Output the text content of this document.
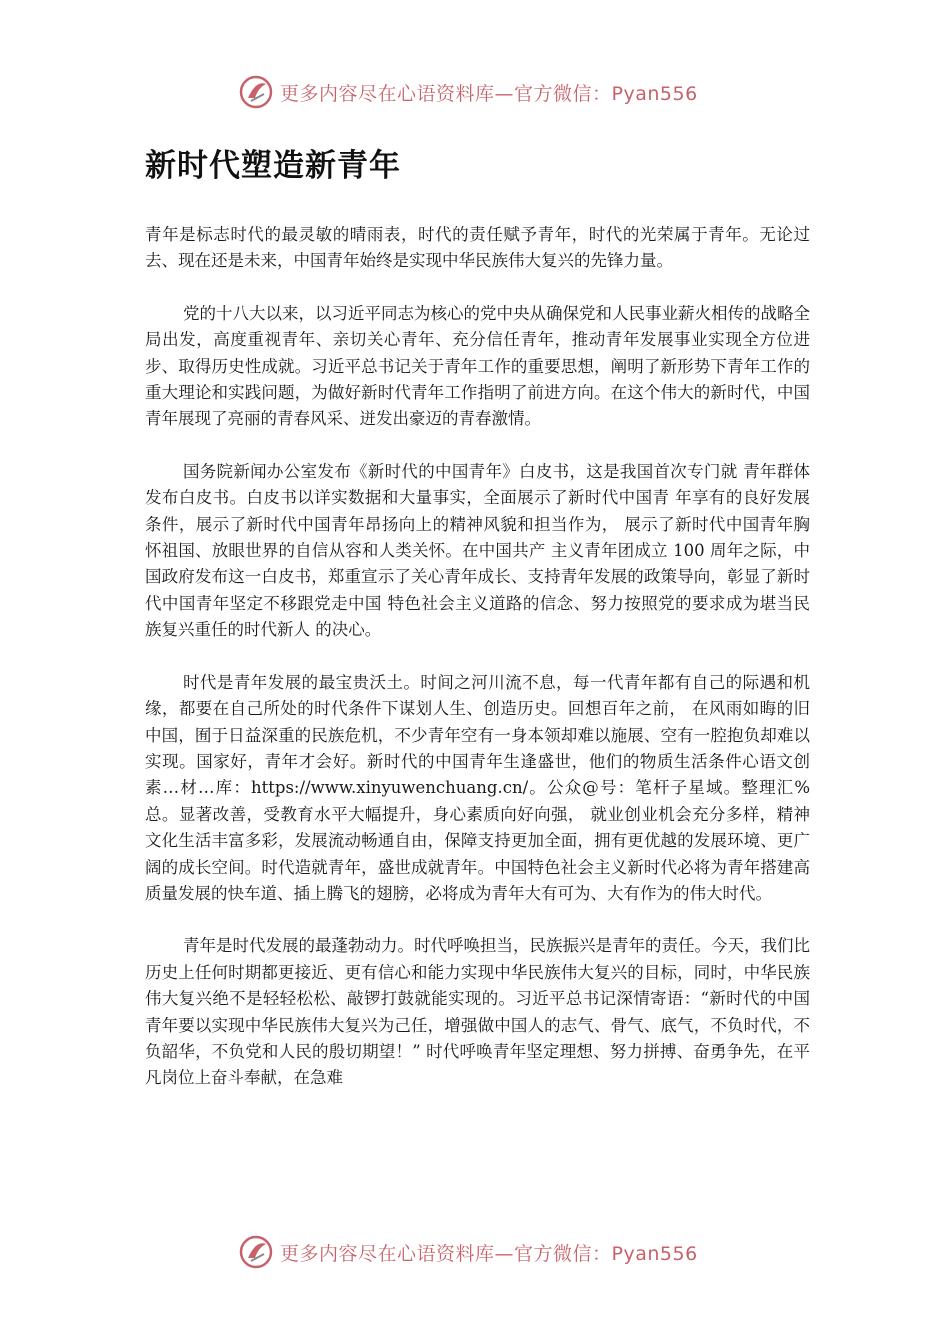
更多内容尽在心语资料库—官方微信：Pyan556
新时代塑造新青年

青年是标志时代的最灵敏的晴雨表，时代的责任赋予青年，时代的光荣属于青年。无论过去、现在还是未来，中国青年始终是实现中华民族伟大复兴的先锋力量。

党的十八大以来，以习近平同志为核心的党中央从确保党和人民事业薪火相传的战略全局出发，高度重视青年、亲切关心青年、充分信任青年，推动青年发展事业实现全方位进步、取得历史性成就。习近平总书记关于青年工作的重要思想，阐明了新形势下青年工作的重大理论和实践问题，为做好新时代青年工作指明了前进方向。在这个伟大的新时代，中国青年展现了亮丽的青春风采、迸发出豪迈的青春激情。

国务院新闻办公室发布《新时代的中国青年》白皮书，这是我国首次专门就 青年群体发布白皮书。白皮书以详实数据和大量事实，全面展示了新时代中国青 年享有的良好发展条件，展示了新时代中国青年昂扬向上的精神风貌和担当作为， 展示了新时代中国青年胸怀祖国、放眼世界的自信从容和人类关怀。在中国共产 主义青年团成立 100 周年之际，中国政府发布这一白皮书，郑重宣示了关心青年成长、支持青年发展的政策导向，彰显了新时代中国青年坚定不移跟党走中国 特色社会主义道路的信念、努力按照党的要求成为堪当民族复兴重任的时代新人 的决心。

时代是青年发展的最宝贵沃土。时间之河川流不息，每一代青年都有自己的际遇和机缘，都要在自己所处的时代条件下谋划人生、创造历史。回想百年之前， 在风雨如晦的旧中国，囿于日益深重的民族危机，不少青年空有一身本领却难以施展、空有一腔抱负却难以实现。国家好，青年才会好。新时代的中国青年生逢盛世，他们的物质生活条件心语文创素…材…库：https://www.xinyuwenchuang.cn/。公众@号：笔杆子星域。整理汇%总。显著改善，受教育水平大幅提升，身心素质向好向强， 就业创业机会充分多样，精神文化生活丰富多彩，发展流动畅通自由，保障支持更加全面，拥有更优越的发展环境、更广阔的成长空间。时代造就青年，盛世成就青年。中国特色社会主义新时代必将为青年搭建高质量发展的快车道、插上腾飞的翅膀，必将成为青年大有可为、大有作为的伟大时代。

青年是时代发展的最蓬勃动力。时代呼唤担当，民族振兴是青年的责任。今天，我们比历史上任何时期都更接近、更有信心和能力实现中华民族伟大复兴的目标，同时，中华民族伟大复兴绝不是轻轻松松、敲锣打鼓就能实现的。习近平总书记深情寄语：“新时代的中国青年要以实现中华民族伟大复兴为己任，增强做中国人的志气、骨气、底气，不负时代，不负韶华，不负党和人民的殷切期望！” 时代呼唤青年坚定理想、努力拼搏、奋勇争先，在平凡岗位上奋斗奉献，在急难

更多内容尽在心语资料库—官方微信：Pyan556
